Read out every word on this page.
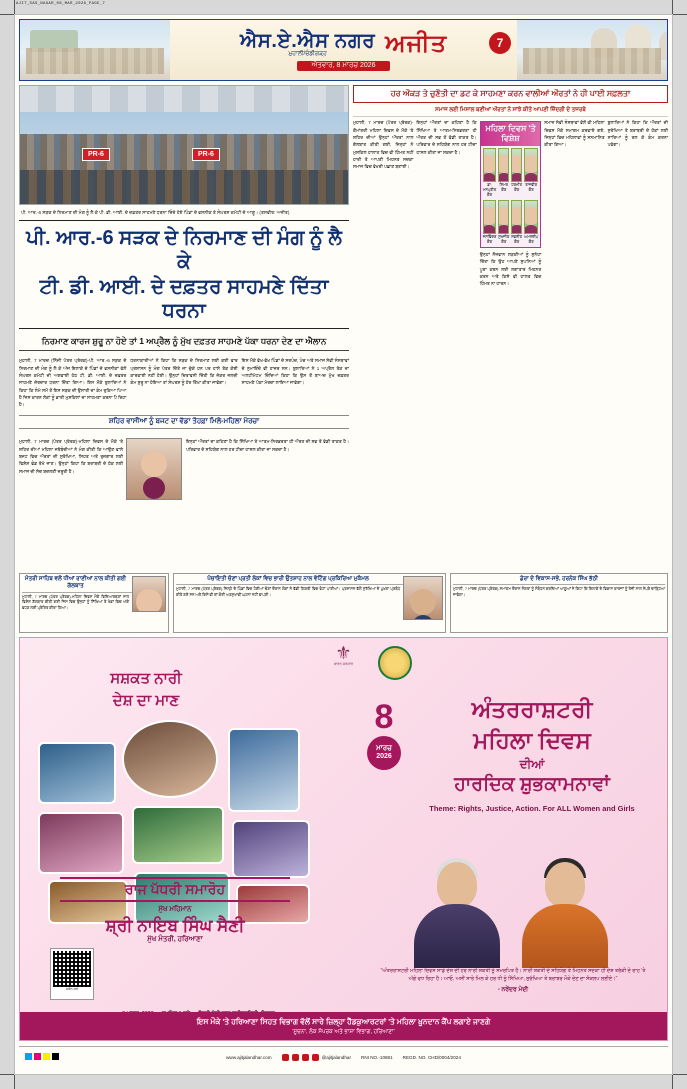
AJIT_SAS_NAGAR_08_MAR_2026_PAGE_7
ਐਸ.ਏ.ਐਸ ਨਗਰ
ਮੁਹਾਲੀ/ਚੰਡੀਗੜ੍ਹ	ਅਜੀਤ
ਐਤਵਾਰ, 8 ਮਾਰਚ 2026
7
PR-6	PR-6
ਪੀ. ਆਰ.-6 ਸੜਕ ਦੇ ਨਿਰਮਾਣ ਦੀ ਮੰਗ ਨੂੰ ਲੈ ਕੇ ਪੀ. ਡੀ. ਆਈ. ਦੇ ਦਫ਼ਤਰ ਸਾਹਮਣੇ ਧਰਨਾ ਦਿੰਦੇ ਹੋਏ ਪਿੰਡਾਂ ਦੇ ਵਸਨੀਕ ਤੇ ਸੰਘਰਸ਼ ਕਮੇਟੀ ਦੇ ਆਗੂ। (ਤਸਵੀਰ: ਅਜੀਤ)
ਪੀ. ਆਰ.-6 ਸੜਕ ਦੇ ਨਿਰਮਾਣ ਦੀ ਮੰਗ ਨੂੰ ਲੈ ਕੇ
ਟੀ. ਡੀ. ਆਈ. ਦੇ ਦਫ਼ਤਰ ਸਾਹਮਣੇ ਦਿੱਤਾ ਧਰਨਾ
ਨਿਰਮਾਣ ਕਾਰਜ ਸ਼ੁਰੂ ਨਾ ਹੋਏ ਤਾਂ 1 ਅਪ੍ਰੈਲ ਨੂੰ ਮੁੱਖ ਦਫ਼ਤਰ ਸਾਹਮਣੇ ਪੱਕਾ ਧਰਨਾ ਦੇਣ ਦਾ ਐਲਾਨ
ਮੁਹਾਲੀ, 7 ਮਾਰਚ (ਨਿੱਜੀ ਪੱਤਰ ਪ੍ਰੇਰਕ)-ਪੀ. ਆਰ.-6 ਸੜਕ ਦੇ ਨਿਰਮਾਣ ਦੀ ਮੰਗ ਨੂੰ ਲੈ ਕੇ ਅੱਜ ਇਲਾਕੇ ਦੇ ਪਿੰਡਾਂ ਦੇ ਵਸਨੀਕਾਂ ਵੱਲੋਂ ਸੰਘਰਸ਼ ਕਮੇਟੀ ਦੀ ਅਗਵਾਈ ਹੇਠ ਟੀ. ਡੀ. ਆਈ. ਦੇ ਦਫ਼ਤਰ ਸਾਹਮਣੇ ਜ਼ੋਰਦਾਰ ਧਰਨਾ ਦਿੱਤਾ ਗਿਆ। ਇਸ ਮੌਕੇ ਬੁਲਾਰਿਆਂ ਨੇ ਕਿਹਾ ਕਿ ਲੰਮੇ ਸਮੇਂ ਤੋਂ ਇਸ ਸੜਕ ਦੀ ਉਸਾਰੀ ਦਾ ਕੰਮ ਰੁਕਿਆ ਪਿਆ ਹੈ ਜਿਸ ਕਾਰਨ ਲੋਕਾਂ ਨੂੰ ਭਾਰੀ ਮੁਸ਼ਕਿਲਾਂ ਦਾ ਸਾਹਮਣਾ ਕਰਨਾ ਪੈ ਰਿਹਾ ਹੈ।
ਧਰਨਾਕਾਰੀਆਂ ਨੇ ਕਿਹਾ ਕਿ ਸੜਕ ਦੇ ਨਿਰਮਾਣ ਲਈ ਕਈ ਵਾਰ ਪ੍ਰਸ਼ਾਸਨ ਨੂੰ ਮੰਗ ਪੱਤਰ ਦਿੱਤੇ ਜਾ ਚੁੱਕੇ ਹਨ ਪਰ ਹਾਲੇ ਤੱਕ ਕੋਈ ਕਾਰਵਾਈ ਨਹੀਂ ਹੋਈ। ਉਨ੍ਹਾਂ ਚਿਤਾਵਨੀ ਦਿੱਤੀ ਕਿ ਜੇਕਰ ਜਲਦੀ ਕੰਮ ਸ਼ੁਰੂ ਨਾ ਹੋਇਆ ਤਾਂ ਸੰਘਰਸ਼ ਨੂੰ ਹੋਰ ਤਿੱਖਾ ਕੀਤਾ ਜਾਵੇਗਾ।
ਇਸ ਮੌਕੇ ਵੱਖ-ਵੱਖ ਪਿੰਡਾਂ ਦੇ ਸਰਪੰਚ, ਪੰਚ ਅਤੇ ਸਮਾਜ ਸੇਵੀ ਸੰਸਥਾਵਾਂ ਦੇ ਨੁਮਾਇੰਦੇ ਵੀ ਹਾਜ਼ਰ ਸਨ। ਬੁਲਾਰਿਆਂ ਨੇ 1 ਅਪ੍ਰੈਲ ਤੱਕ ਦਾ ਅਲਟੀਮੇਟਮ ਦਿੰਦਿਆਂ ਕਿਹਾ ਕਿ ਉਸ ਤੋਂ ਬਾਅਦ ਮੁੱਖ ਦਫ਼ਤਰ ਸਾਹਮਣੇ ਪੱਕਾ ਮੋਰਚਾ ਲਾਇਆ ਜਾਵੇਗਾ।
ਸ਼ਹਿਰ ਵਾਸੀਆਂ ਨੂੰ ਬਜਟ ਦਾ ਵੱਡਾ ਤੋਹਫ਼ਾ ਮਿਲੇ-ਮਹਿਲਾ ਮੋਰਚਾ
ਮੁਹਾਲੀ, 7 ਮਾਰਚ (ਪੱਤਰ ਪ੍ਰੇਰਕ)-ਮਹਿਲਾ ਦਿਵਸ ਦੇ ਮੌਕੇ 'ਤੇ ਸ਼ਹਿਰ ਦੀਆਂ ਮਹਿਲਾ ਜਥੇਬੰਦੀਆਂ ਨੇ ਮੰਗ ਕੀਤੀ ਕਿ ਆਉਣ ਵਾਲੇ ਬਜਟ ਵਿਚ ਔਰਤਾਂ ਦੀ ਸੁਰੱਖਿਆ, ਸਿਹਤ ਅਤੇ ਰੁਜ਼ਗਾਰ ਲਈ ਵਿਸ਼ੇਸ਼ ਫੰਡ ਰੱਖੇ ਜਾਣ। ਉਨ੍ਹਾਂ ਕਿਹਾ ਕਿ ਬਰਾਬਰੀ ਦੇ ਹੱਕ ਲਈ ਸਮਾਜ ਦੀ ਸੋਚ ਬਦਲਣੀ ਜ਼ਰੂਰੀ ਹੈ।
ਇਨ੍ਹਾਂ ਔਰਤਾਂ ਦਾ ਕਹਿਣਾ ਹੈ ਕਿ ਸਿੱਖਿਆ ਤੇ ਆਤਮ-ਨਿਰਭਰਤਾ ਹੀ ਔਰਤ ਦੀ ਸਭ ਤੋਂ ਵੱਡੀ ਤਾਕਤ ਹੈ। ਪਰਿਵਾਰ ਦੇ ਸਹਿਯੋਗ ਨਾਲ ਹਰ ਟੀਚਾ ਹਾਸਲ ਕੀਤਾ ਜਾ ਸਕਦਾ ਹੈ।
ਹਰ ਔਕੜ ਤੇ ਚੁਣੌਤੀ ਦਾ ਡਟ ਕੇ ਸਾਹਮਣਾ ਕਰਨ ਵਾਲੀਆਂ ਔਰਤਾਂ ਨੇ ਹੀ ਪਾਈ ਸਫ਼ਲਤਾ
ਸਮਾਜ ਲਈ ਮਿਸਾਲ ਬਣੀਆਂ ਔਰਤਾਂ ਨੇ ਸਾਂਝੇ ਕੀਤੇ ਆਪਣੀ ਜ਼ਿੰਦਗੀ ਦੇ ਤਜਰਬੇ
ਮੁਹਾਲੀ, 7 ਮਾਰਚ (ਪੱਤਰ ਪ੍ਰੇਰਕ)-ਕੌਮਾਂਤਰੀ ਮਹਿਲਾ ਦਿਵਸ ਦੇ ਮੌਕੇ 'ਤੇ ਸ਼ਹਿਰ ਦੀਆਂ ਉਨ੍ਹਾਂ ਔਰਤਾਂ ਨਾਲ ਗੱਲਬਾਤ ਕੀਤੀ ਗਈ, ਜਿਨ੍ਹਾਂ ਨੇ ਮੁਸ਼ਕਿਲ ਹਾਲਾਤ ਵਿਚ ਵੀ ਹਿੰਮਤ ਨਹੀਂ ਹਾਰੀ ਤੇ ਆਪਣੀ ਮਿਹਨਤ ਸਦਕਾ ਸਮਾਜ ਵਿਚ ਵੱਖਰੀ ਪਛਾਣ ਬਣਾਈ।
ਇਨ੍ਹਾਂ ਔਰਤਾਂ ਦਾ ਕਹਿਣਾ ਹੈ ਕਿ ਸਿੱਖਿਆ ਤੇ ਆਤਮ-ਨਿਰਭਰਤਾ ਹੀ ਔਰਤ ਦੀ ਸਭ ਤੋਂ ਵੱਡੀ ਤਾਕਤ ਹੈ। ਪਰਿਵਾਰ ਦੇ ਸਹਿਯੋਗ ਨਾਲ ਹਰ ਟੀਚਾ ਹਾਸਲ ਕੀਤਾ ਜਾ ਸਕਦਾ ਹੈ।
ਮਹਿਲਾ ਦਿਵਸ 'ਤੇ ਵਿਸ਼ੇਸ਼
ਡਾ. ਮਨਪ੍ਰੀਤ ਕੌਰ
ਸਿਮਰ ਕੌਰ
ਹਰਮੀਤ ਕੌਰ
ਰਾਜਵੀਰ ਕੌਰ
ਜਸਵਿੰਦਰ ਕੌਰ
ਸੁਖਜੀਤ ਕੌਰ
ਨਵਨੀਤ ਕੌਰ
ਅਮਨਦੀਪ ਕੌਰ
ਉਨ੍ਹਾਂ ਨੌਜਵਾਨ ਲੜਕੀਆਂ ਨੂੰ ਸੁਨੇਹਾ ਦਿੱਤਾ ਕਿ ਉਹ ਆਪਣੇ ਸੁਪਨਿਆਂ ਨੂੰ ਪੂਰਾ ਕਰਨ ਲਈ ਲਗਾਤਾਰ ਮਿਹਨਤ ਕਰਨ ਅਤੇ ਕਿਸੇ ਵੀ ਹਾਲਤ ਵਿਚ ਹਿੰਮਤ ਨਾ ਹਾਰਨ।
ਸਮਾਜ ਸੇਵੀ ਸੰਸਥਾਵਾਂ ਵੱਲੋਂ ਵੀ ਮਹਿਲਾ ਦਿਵਸ ਮੌਕੇ ਸਮਾਗਮ ਕਰਵਾਏ ਗਏ, ਜਿਨ੍ਹਾਂ ਵਿਚ ਮਹਿਲਾਵਾਂ ਨੂੰ ਸਨਮਾਨਿਤ ਕੀਤਾ ਗਿਆ।
ਬੁਲਾਰਿਆਂ ਨੇ ਕਿਹਾ ਕਿ ਔਰਤਾਂ ਦੀ ਸੁਰੱਖਿਆ ਤੇ ਬਰਾਬਰੀ ਦੇ ਹੱਕਾਂ ਲਈ ਸਾਰਿਆਂ ਨੂੰ ਰਲ ਕੇ ਕੰਮ ਕਰਨਾ ਪਵੇਗਾ।
ਮੰਤਰੀ ਸਾਹਿਬ ਵਲੋਂ ਧੀਆਂ ਰਾਣੀਆਂ ਨਾਲ ਕੀਤੀ ਗਈ ਗੱਲਬਾਤ
ਮੁਹਾਲੀ, 7 ਮਾਰਚ (ਪੱਤਰ ਪ੍ਰੇਰਕ)-ਮਹਿਲਾ ਦਿਵਸ ਮੌਕੇ ਵਿਦਿਆਰਥਣਾਂ ਨਾਲ ਵਿਸ਼ੇਸ਼ ਗੱਲਬਾਤ ਕੀਤੀ ਗਈ ਜਿਸ ਵਿਚ ਉਨ੍ਹਾਂ ਨੂੰ ਸਿੱਖਿਆ ਤੇ ਖੇਡਾਂ ਵਿਚ ਅੱਗੇ ਵਧਣ ਲਈ ਪ੍ਰੇਰਿਤ ਕੀਤਾ ਗਿਆ।
ਪੰਚਾਇਤੀ ਚੋਣਾਂ ਪ੍ਰਤੀ ਲੋਕਾਂ ਵਿਚ ਭਾਰੀ ਉਤਸ਼ਾਹ ਨਾਲ ਵੋਟਿੰਗ ਪ੍ਰਕਿਰਿਆ ਮੁਕੰਮਲ
ਮੁਹਾਲੀ, 7 ਮਾਰਚ (ਪੱਤਰ ਪ੍ਰੇਰਕ)-ਜ਼ਿਲ੍ਹੇ ਦੇ ਪਿੰਡਾਂ ਵਿਚ ਹੋਈਆਂ ਚੋਣਾਂ ਦੌਰਾਨ ਲੋਕਾਂ ਨੇ ਵੱਡੀ ਗਿਣਤੀ ਵਿਚ ਵੋਟਾਂ ਪਾਈਆਂ। ਪ੍ਰਸ਼ਾਸਨ ਵੱਲੋਂ ਸੁਰੱਖਿਆ ਦੇ ਪੁਖ਼ਤਾ ਪ੍ਰਬੰਧ ਕੀਤੇ ਗਏ ਸਨ ਅਤੇ ਕਿਸੇ ਵੀ ਥਾਂ ਕੋਈ ਅਣਸੁਖਾਵੀਂ ਘਟਨਾ ਨਹੀਂ ਵਾਪਰੀ।
ਡੇਰਾ ਦੇ ਵਿਕਾਸ-ਸਭੇ, ਹਰਨੇਕ ਸਿੰਘ ਭੱਠੀ
ਮੁਹਾਲੀ, 7 ਮਾਰਚ (ਪੱਤਰ ਪ੍ਰੇਰਕ)-ਸਮਾਗਮ ਦੌਰਾਨ ਸੰਗਤਾਂ ਨੂੰ ਸੰਬੋਧਨ ਕਰਦਿਆਂ ਆਗੂਆਂ ਨੇ ਕਿਹਾ ਕਿ ਇਲਾਕੇ ਦੇ ਵਿਕਾਸ ਕਾਰਜਾਂ ਨੂੰ ਤੇਜ਼ੀ ਨਾਲ ਨੇਪਰੇ ਚਾੜ੍ਹਿਆ ਜਾਵੇਗਾ।
⚜
ਭਾਰਤ ਸਰਕਾਰ
ਸਸ਼ਕਤ ਨਾਰੀ
ਦੇਸ਼ ਦਾ ਮਾਣ	8
ਮਾਰਚ
2026
ਅੰਤਰਰਾਸ਼ਟਰੀ
ਮਹਿਲਾ ਦਿਵਸ
ਦੀਆਂ
ਹਾਰਦਿਕ ਸ਼ੁਭਕਾਮਨਾਵਾਂ
Theme: Rights, Justice, Action. For ALL Women and Girls
"ਅੰਤਰਰਾਸ਼ਟਰੀ ਮਹਿਲਾ ਦਿਵਸ ਸਾਡੇ ਦੇਸ਼ ਦੀ ਹਰ ਨਾਰੀ ਸ਼ਕਤੀ ਨੂੰ ਸਮਰਪਿਤ ਹੈ। ਨਾਰੀ ਸ਼ਕਤੀ ਦੇ ਸਹਿਯੋਗ ਤੇ ਮਿਹਨਤ ਸਦਕਾ ਹੀ ਦੇਸ਼ ਤਰੱਕੀ ਦੇ ਰਾਹ 'ਤੇ ਅੱਗੇ ਵਧ ਰਿਹਾ ਹੈ। ਆਓ, ਅਸੀਂ ਸਾਰੇ ਮਿਲ ਕੇ ਹਰ ਧੀ ਨੂੰ ਸਿੱਖਿਆ, ਸੁਰੱਖਿਆ ਤੇ ਬਰਾਬਰ ਮੌਕੇ ਦੇਣ ਦਾ ਸੰਕਲਪ ਲਈਏ।"
- ਨਰੇਂਦਰ ਮੋਦੀ
ਰਾਜ ਪੱਧਰੀ ਸਮਾਰੋਹ
ਮੁੱਖ ਮਹਿਮਾਨ
ਸ਼੍ਰੀ ਨਾਇਬ ਸਿੰਘ ਸੈਣੀ
ਮੁੱਖ ਮੰਤਰੀ, ਹਰਿਆਣਾ
ਸਕੈਨ ਕਰੋ
ਇਸ ਮੌਕੇ 'ਤੇ ਹਰਿਆਣਾ ਸਿਹਤ ਵਿਭਾਗ ਵੱਲੋਂ ਸਾਰੇ ਜ਼ਿਲ੍ਹਾ ਹੈੱਡਕੁਆਰਟਰਾਂ 'ਤੇ ਮਹਿਲਾ ਖ਼ੂਨਦਾਨ ਕੈਂਪ ਲਗਾਏ ਜਾਣਗੇ
'ਸੂਚਨਾ, ਲੋਕ ਸੰਪਰਕ ਅਤੇ ਭਾਸ਼ਾ ਵਿਭਾਗ, ਹਰਿਆਣਾ'
www.ajitjalandhar.com	@ajitjalandhar RNI NO.-10881 REGD. NO. CHD/0004/2024
